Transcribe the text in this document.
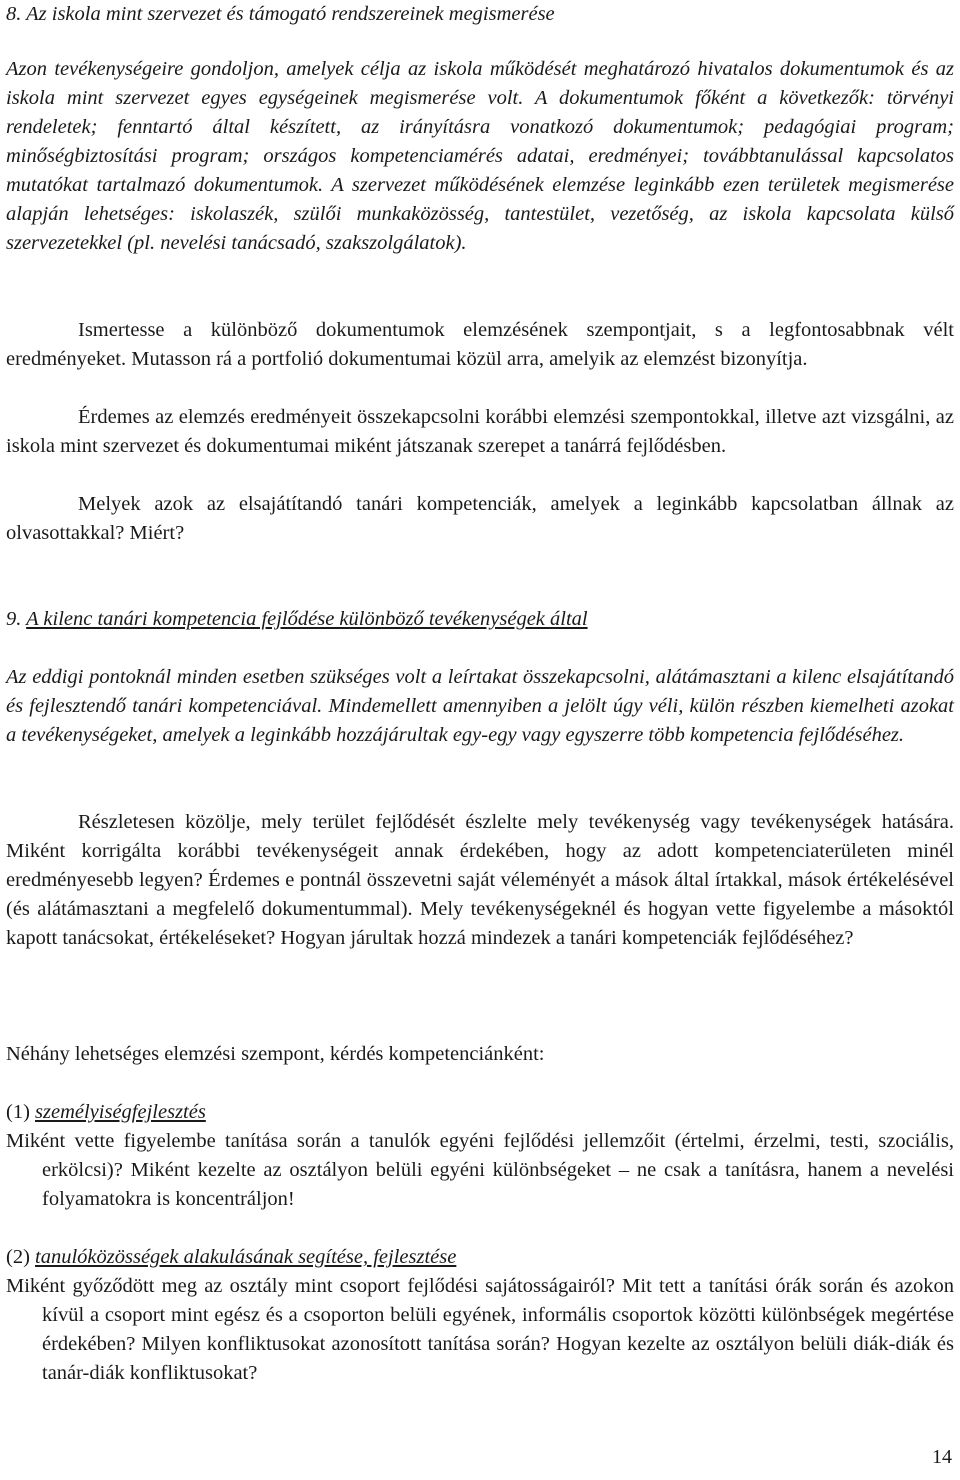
8. Az iskola mint szervezet és támogató rendszereinek megismerése

Azon tevékenységeire gondoljon, amelyek célja az iskola működését meghatározó hivatalos dokumentumok és az iskola mint szervezet egyes egységeinek megismerése volt. A dokumentumok főként a következők: törvényi rendeletek; fenntartó által készített, az irányításra vonatkozó dokumentumok; pedagógiai program; minőségbiztosítási program; országos kompetenciamérés adatai, eredményei; továbbtanulással kapcsolatos mutatókat tartalmazó dokumentumok. A szervezet működésének elemzése leginkább ezen területek megismerése alapján lehetséges: iskolaszék, szülői munkaközösség, tantestület, vezetőség, az iskola kapcsolata külső szervezetekkel (pl. nevelési tanácsadó, szakszolgálatok).

Ismertesse a különböző dokumentumok elemzésének szempontjait, s a legfontosabbnak vélt eredményeket. Mutasson rá a portfolió dokumentumai közül arra, amelyik az elemzést bizonyítja.

Érdemes az elemzés eredményeit összekapcsolni korábbi elemzési szempontokkal, illetve azt vizsgálni, az iskola mint szervezet és dokumentumai miként játszanak szerepet a tanárrá fejlődésben.

Melyek azok az elsajátítandó tanári kompetenciák, amelyek a leginkább kapcsolatban állnak az olvasottakkal? Miért?

9. A kilenc tanári kompetencia fejlődése különböző tevékenységek által

Az eddigi pontoknál minden esetben szükséges volt a leírtakat összekapcsolni, alátámasztani a kilenc elsajátítandó és fejlesztendő tanári kompetenciával. Mindemellett amennyiben a jelölt úgy véli, külön részben kiemelheti azokat a tevékenységeket, amelyek a leginkább hozzájárultak egy-egy vagy egyszerre több kompetencia fejlődéséhez.

Részletesen közölje, mely terület fejlődését észlelte mely tevékenység vagy tevékenységek hatására. Miként korrigálta korábbi tevékenységeit annak érdekében, hogy az adott kompetenciaterületen minél eredményesebb legyen? Érdemes e pontnál összevetni saját véleményét a mások által írtakkal, mások értékelésével (és alátámasztani a megfelelő dokumentummal). Mely tevékenységeknél és hogyan vette figyelembe a másoktól kapott tanácsokat, értékeléseket? Hogyan járultak hozzá mindezek a tanári kompetenciák fejlődéséhez?

Néhány lehetséges elemzési szempont, kérdés kompetenciánként:

(1) személyiségfejlesztés
Miként vette figyelembe tanítása során a tanulók egyéni fejlődési jellemzőit (értelmi, érzelmi, testi, szociális, erkölcsi)? Miként kezelte az osztályon belüli egyéni különbségeket – ne csak a tanításra, hanem a nevelési folyamatokra is koncentráljon!
(2) tanulóközösségek alakulásának segítése, fejlesztése
Miként győződött meg az osztály mint csoport fejlődési sajátosságairól? Mit tett a tanítási órák során és azokon kívül a csoport mint egész és a csoporton belüli egyének, informális csoportok közötti különbségek megértése érdekében? Milyen konfliktusokat azonosított tanítása során? Hogyan kezelte az osztályon belüli diák-diák és tanár-diák konfliktusokat?
14
